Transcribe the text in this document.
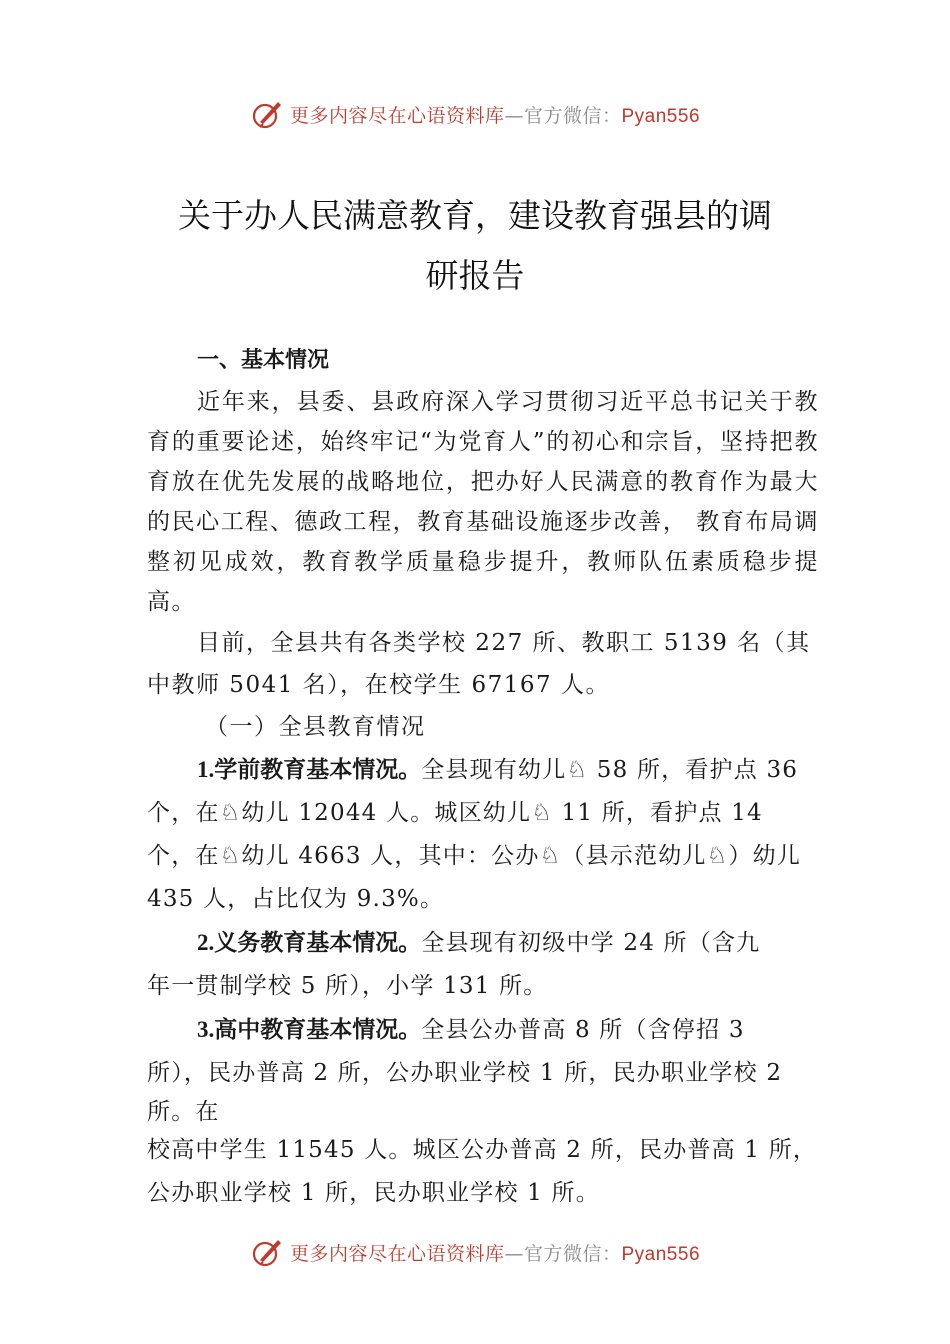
更多内容尽在心语资料库—官方微信：Pyan556
关于办人民满意教育，建设教育强县的调
研报告

一、基本情况

近年来，县委、县政府深入学习贯彻习近平总书记关于教育的重要论述，始终牢记“为党育人”的初心和宗旨，坚持把教育放在优先发展的战略地位，把办好人民满意的教育作为最大的民心工程、德政工程，教育基础设施逐步改善， 教育布局调整初见成效，教育教学质量稳步提升，教师队伍素质稳步提高。

目前，全县共有各类学校 227 所、教职工 5139 名（其

中教师 5041 名），在校学生 67167 人。

（一）全县教育情况

1.学前教育基本情况。全县现有幼儿♘ 58 所，看护点 36 个，在♘幼儿 12044 人。城区幼儿♘ 11 所，看护点 14 个，在♘幼儿 4663 人，其中：公办♘（县示范幼儿♘）幼儿 435 人，占比仅为 9.3%。

2.义务教育基本情况。全县现有初级中学 24 所（含九

年一贯制学校 5 所），小学 131 所。

3.高中教育基本情况。全县公办普高 8 所（含停招 3

所），民办普高 2 所，公办职业学校 1 所，民办职业学校 2

所。在

校高中学生 11545 人。城区公办普高 2 所，民办普高 1 所，

公办职业学校 1 所，民办职业学校 1 所。

更多内容尽在心语资料库—官方微信：Pyan556
